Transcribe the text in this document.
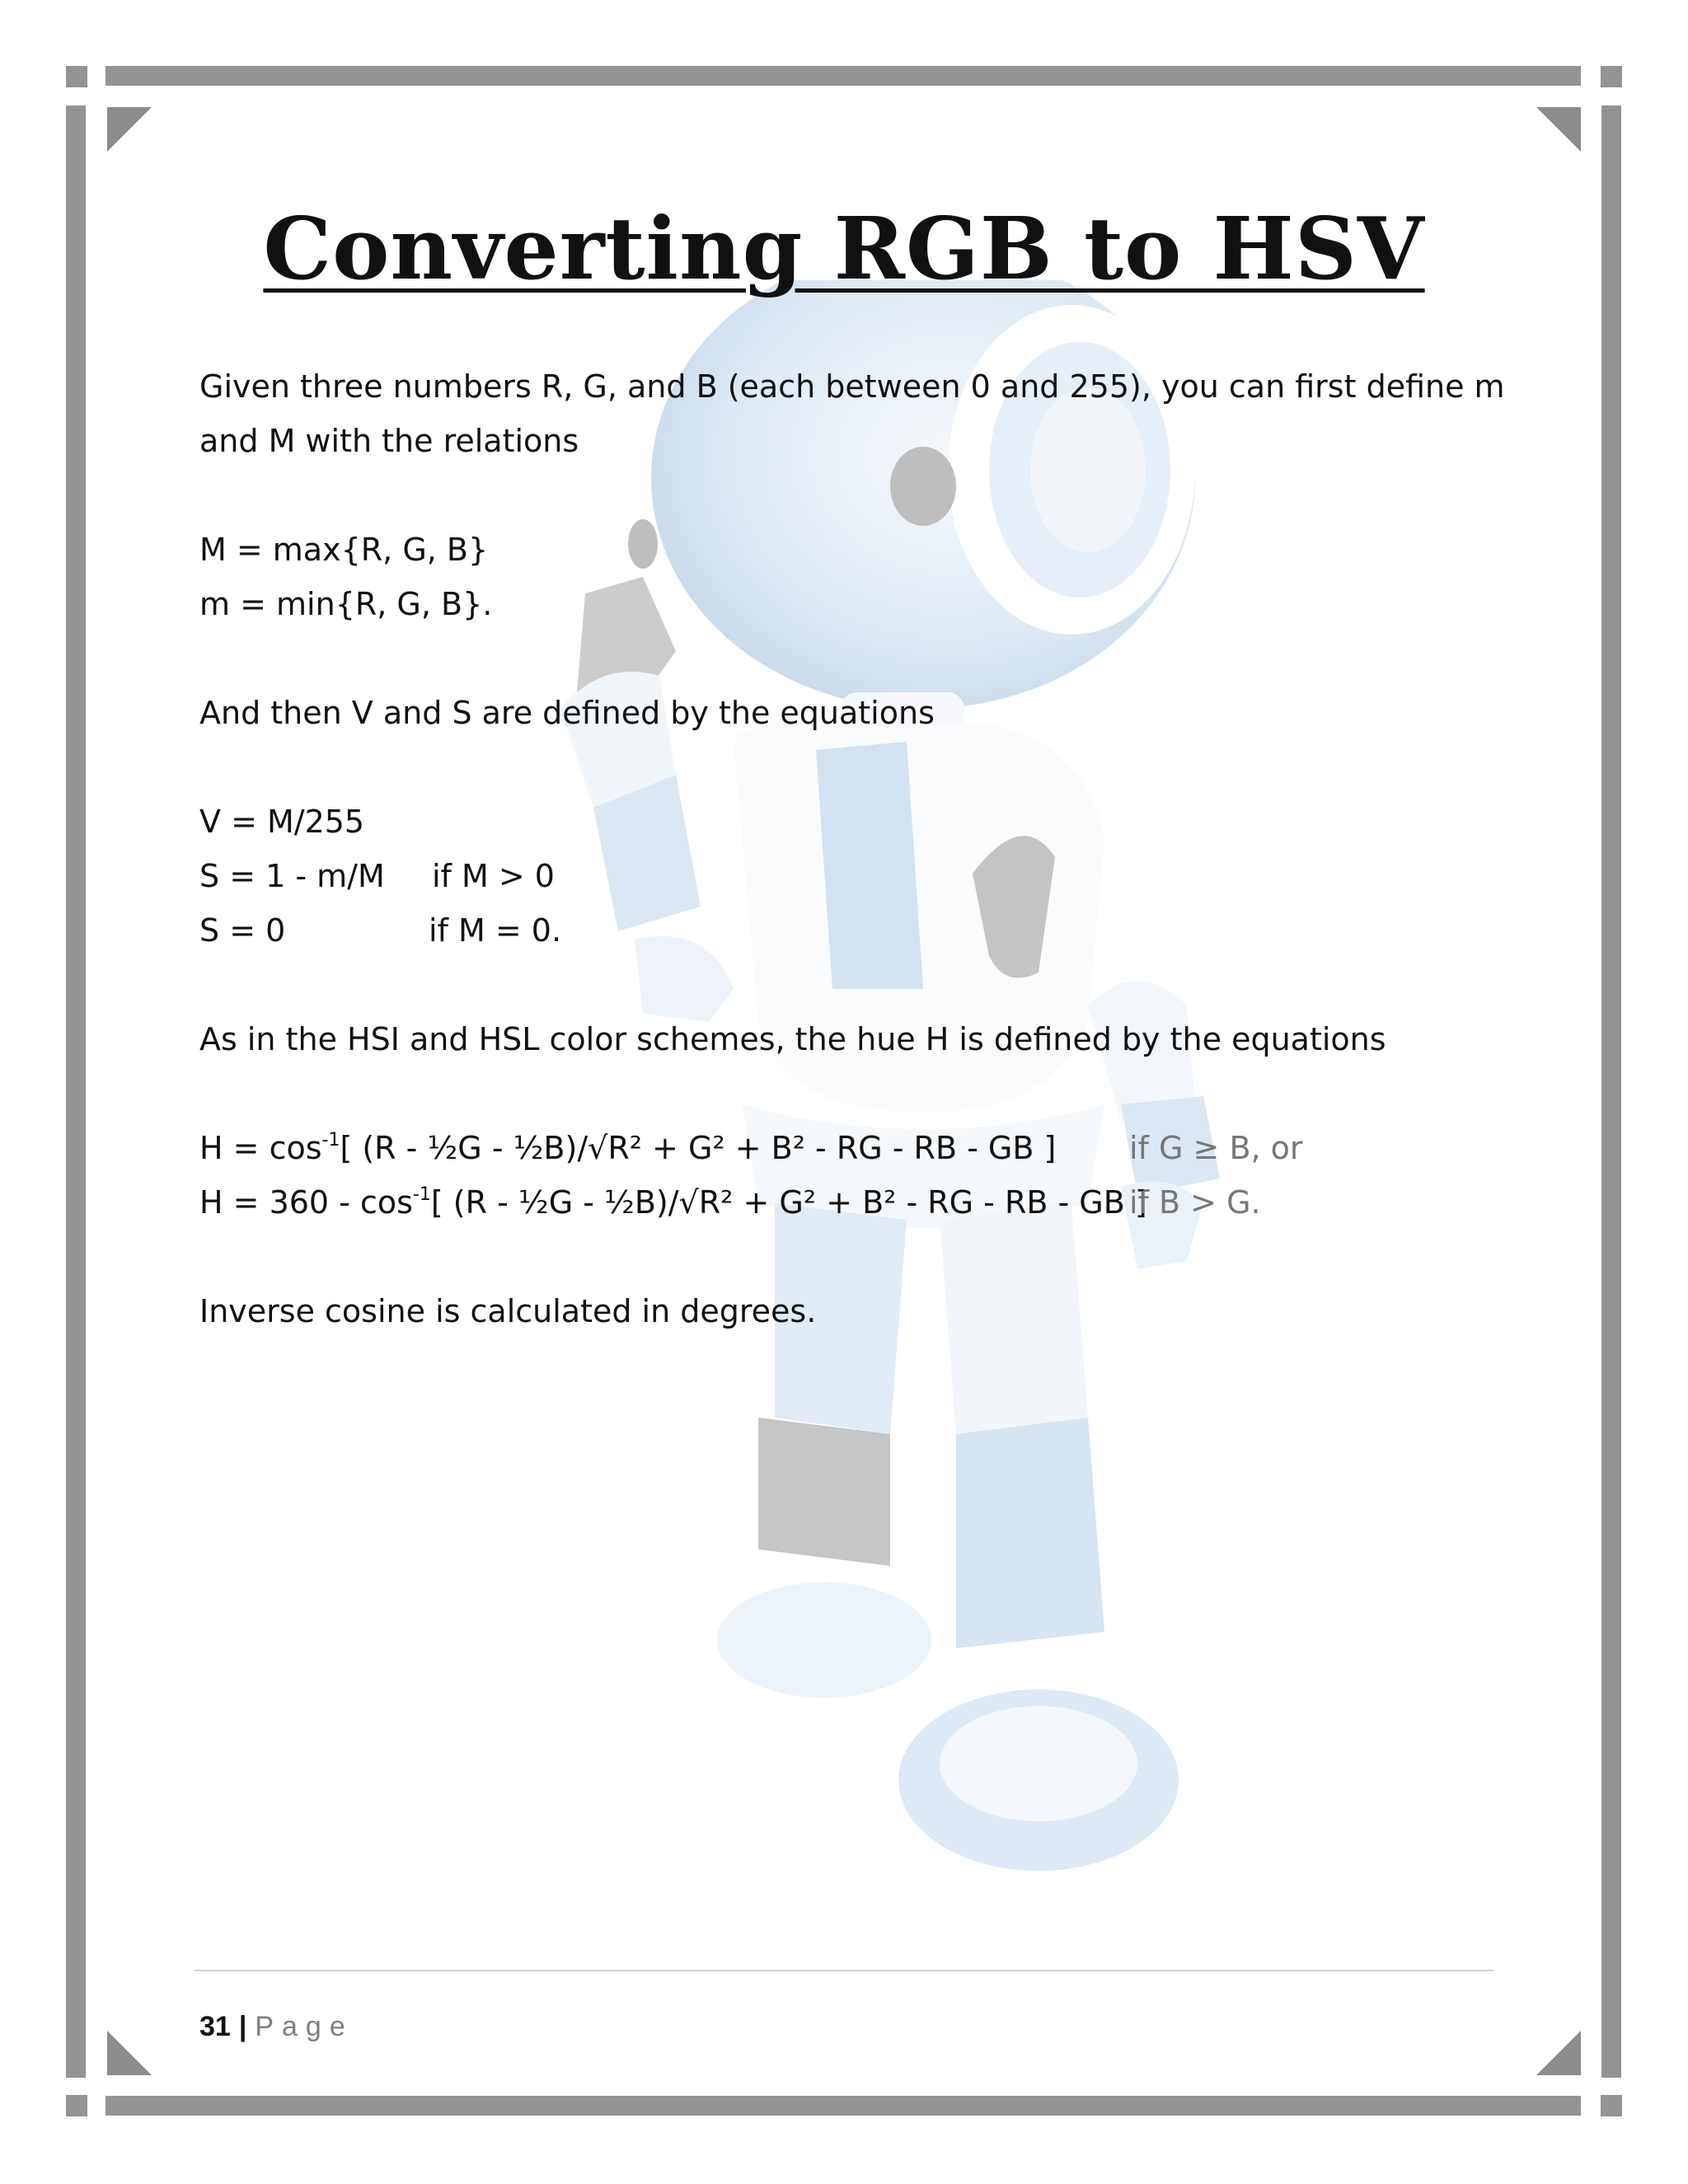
Converting RGB to HSV
Given three numbers R, G, and B (each between 0 and 255), you can first define m
and M with the relations
M = max{R, G, B}
m = min{R, G, B}.
And then V and S are defined by the equations
V = M/255
S = 1 - m/M if M > 0
S = 0	if M = 0.
As in the HSI and HSL color schemes, the hue H is defined by the equations
$H = \cos^{-1}$[ (R - ½G - ½B)/√R² + G² + B² - RG - RB - GB ] if G ≥ B, or
$H = 360 - \cos^{-1}$[ (R - ½G - ½B)/√R² + G² + B² - RG - RB - GB ]
if B > G.
Inverse cosine is calculated in degrees.
31 | Page
